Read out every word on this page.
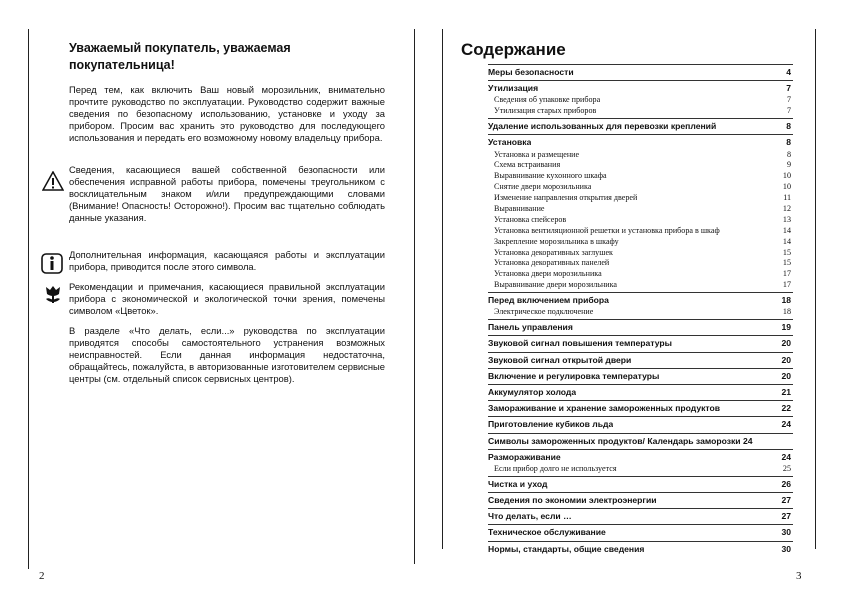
Уважаемый покупатель, уважаемая покупательница!

Перед тем, как включить Ваш новый морозильник, внимательно прочтите руководство по эксплуатации. Руководство содержит важные сведения по безопасному использованию, установке и уходу за прибором. Просим вас хранить это руководство для последующего использования и передать его возможному новому владельцу прибора.

Сведения, касающиеся вашей собственной безопасности или обеспечения исправной работы прибора, помечены треугольником с восклицательным знаком и/или предупреждающими словами (Внимание! Опасность! Осторожно!). Просим вас тщательно соблюдать данные указания.

Дополнительная информация, касающаяся работы и эксплуатации прибора, приводится после этого символа.

Рекомендации и примечания, касающиеся правильной эксплуатации прибора с экономической и экологической точки зрения, помечены символом «Цветок».

В разделе «Что делать, если...» руководства по эксплуатации приводятся способы самостоятельного устранения возможных неисправностей. Если данная информация недостаточна, обращайтесь, пожалуйста, в авторизованные изготовителем сервисные центры (см. отдельный список сервисных центров).

2
Содержание
Меры безопасности	4
Утилизация	7
Сведения об упаковке прибора	7
Утилизация старых приборов	7
Удаление использованных для перевозки креплений	8
Установка	8
Установка и размещение	8
Схема встраивания	9
Выравнивание кухонного шкафа	10
Снятие двери морозильника	10
Изменение направления открытия дверей	11
Выравнивание	12
Установка спейсеров	13
Установка вентиляционной решетки и установка прибора в шкаф	14
Закрепление морозильника в шкафу	14
Установка декоративных заглушек	15
Установка декоративных панелей	15
Установка двери морозильника	17
Выравнивание двери морозильника	17
Перед включением прибора	18
Электрическое подключение	18
Панель управления	19
Звуковой сигнал повышения температуры	20
Звуковой сигнал открытой двери	20
Включение и регулировка температуры	20
Аккумулятор холода	21
Замораживание и хранение замороженных продуктов	22
Приготовление кубиков льда	24
Символы замороженных продуктов/ Календарь заморозки 24
Размораживание	24
Если прибор долго не используется	25
Чистка и уход	26
Сведения по экономии электроэнергии	27
Что делать, если …	27
Техническое обслуживание	30
Нормы, стандарты, общие сведения	30
3
